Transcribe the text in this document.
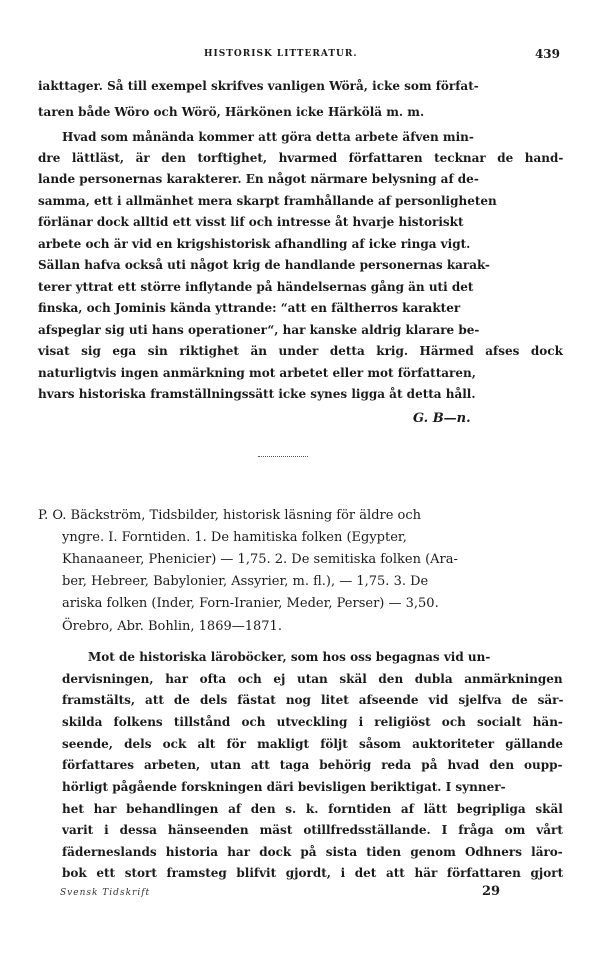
HISTORISK LITTERATUR.	439
iakttager. Så till exempel skrifves vanligen Wörå, icke som förfat-
taren både Wöro och Wörö, Härkönen icke Härkölä m. m.
Hvad som månända kommer att göra detta arbete äfven min-
dre lättläst, är den torftighet, hvarmed författaren tecknar de hand-
lande personernas karakterer. En något närmare belysning af de-
samma, ett i allmänhet mera skarpt framhållande af personligheten
förlänar dock alltid ett visst lif och intresse åt hvarje historiskt
arbete och är vid en krigshistorisk afhandling af icke ringa vigt.
Sällan hafva också uti något krig de handlande personernas karak-
terer yttrat ett större inflytande på händelsernas gång än uti det
finska, och Jominis kända yttrande: “att en fältherros karakter
afspeglar sig uti hans operationer“, har kanske aldrig klarare be-
visat sig ega sin riktighet än under detta krig. Härmed afses dock
naturligtvis ingen anmärkning mot arbetet eller mot författaren,
hvars historiska framställningssätt icke synes ligga åt detta håll.
G. B—n.
P. O. Bäckström, Tidsbilder, historisk läsning för äldre och
yngre. I. Forntiden. 1. De hamitiska folken (Egypter,
Khanaaneer, Phenicier) — 1,75. 2. De semitiska folken (Ara-
ber, Hebreer, Babylonier, Assyrier, m. fl.), — 1,75. 3. De
ariska folken (Inder, Forn-Iranier, Meder, Perser) — 3,50.
Örebro, Abr. Bohlin, 1869—1871.
Mot de historiska läroböcker, som hos oss begagnas vid un-
dervisningen, har ofta och ej utan skäl den dubla anmärkningen
framstälts, att de dels fästat nog litet afseende vid sjelfva de sär-
skilda folkens tillstånd och utveckling i religiöst och socialt hän-
seende, dels ock alt för makligt följt såsom auktoriteter gällande
författares arbeten, utan att taga behörig reda på hvad den oupp-
hörligt pågående forskningen däri bevisligen beriktigat. I synner-
het har behandlingen af den s. k. forntiden af lätt begripliga skäl
varit i dessa hänseenden mäst otillfredsställande. I fråga om vårt
fäderneslands historia har dock på sista tiden genom Odhners läro-
bok ett stort framsteg blifvit gjordt, i det att här författaren gjort
Svensk Tidskrift	29
